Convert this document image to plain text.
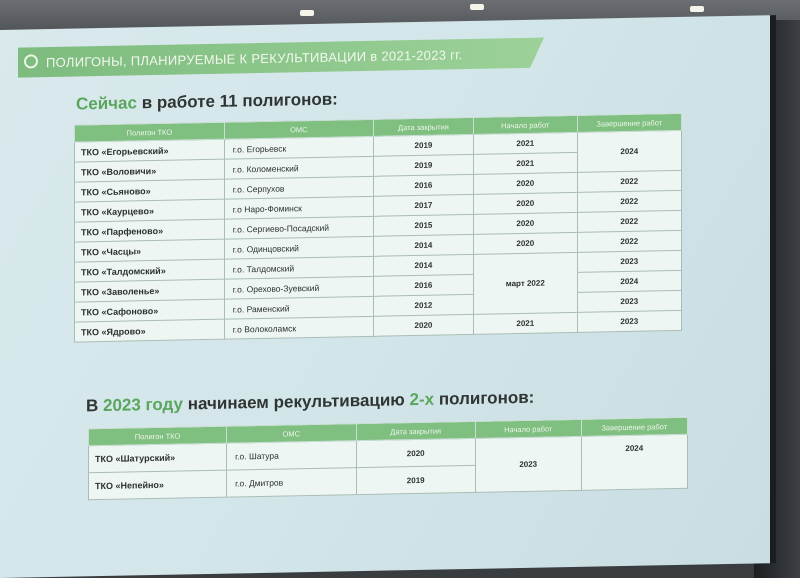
ПОЛИГОНЫ, ПЛАНИРУЕМЫЕ К РЕКУЛЬТИВАЦИИ в 2021-2023 гг.
Сейчас в работе 11 полигонов:
Полигон ТКО	ОМС	Дата закрытия	Начало работ	Завершение работ
ТКО «Егорьевский»	г.о. Егорьевск	2019	2021	2024
ТКО «Воловичи»	г.о. Коломенский	2019	2021	
ТКО «Сьяново»	г.о. Серпухов	2016	2020	2022
ТКО «Каурцево»	г.о Наро-Фоминск	2017	2020	2022
ТКО «Парфеново»	г.о. Сергиево-Посадский	2015	2020	2022
ТКО «Часцы»	г.о. Одинцовский	2014	2020	2022
ТКО «Талдомский»	г.о. Талдомский	2014	март 2022	2023
ТКО «Заволенье»	г.о. Орехово-Зуевский	2016		2024
ТКО «Сафоново»	г.о. Раменский	2012		2023
ТКО «Ядрово»	г.о Волоколамск	2020	2021	2023
В 2023 году начинаем рекультивацию 2-х полигонов:
Полигон ТКО	ОМС	Дата закрытия	Начало работ	Завершение работ
ТКО «Шатурский»	г.о. Шатура	2020	2023	2024
ТКО «Непейно»	г.о. Дмитров	2019		
